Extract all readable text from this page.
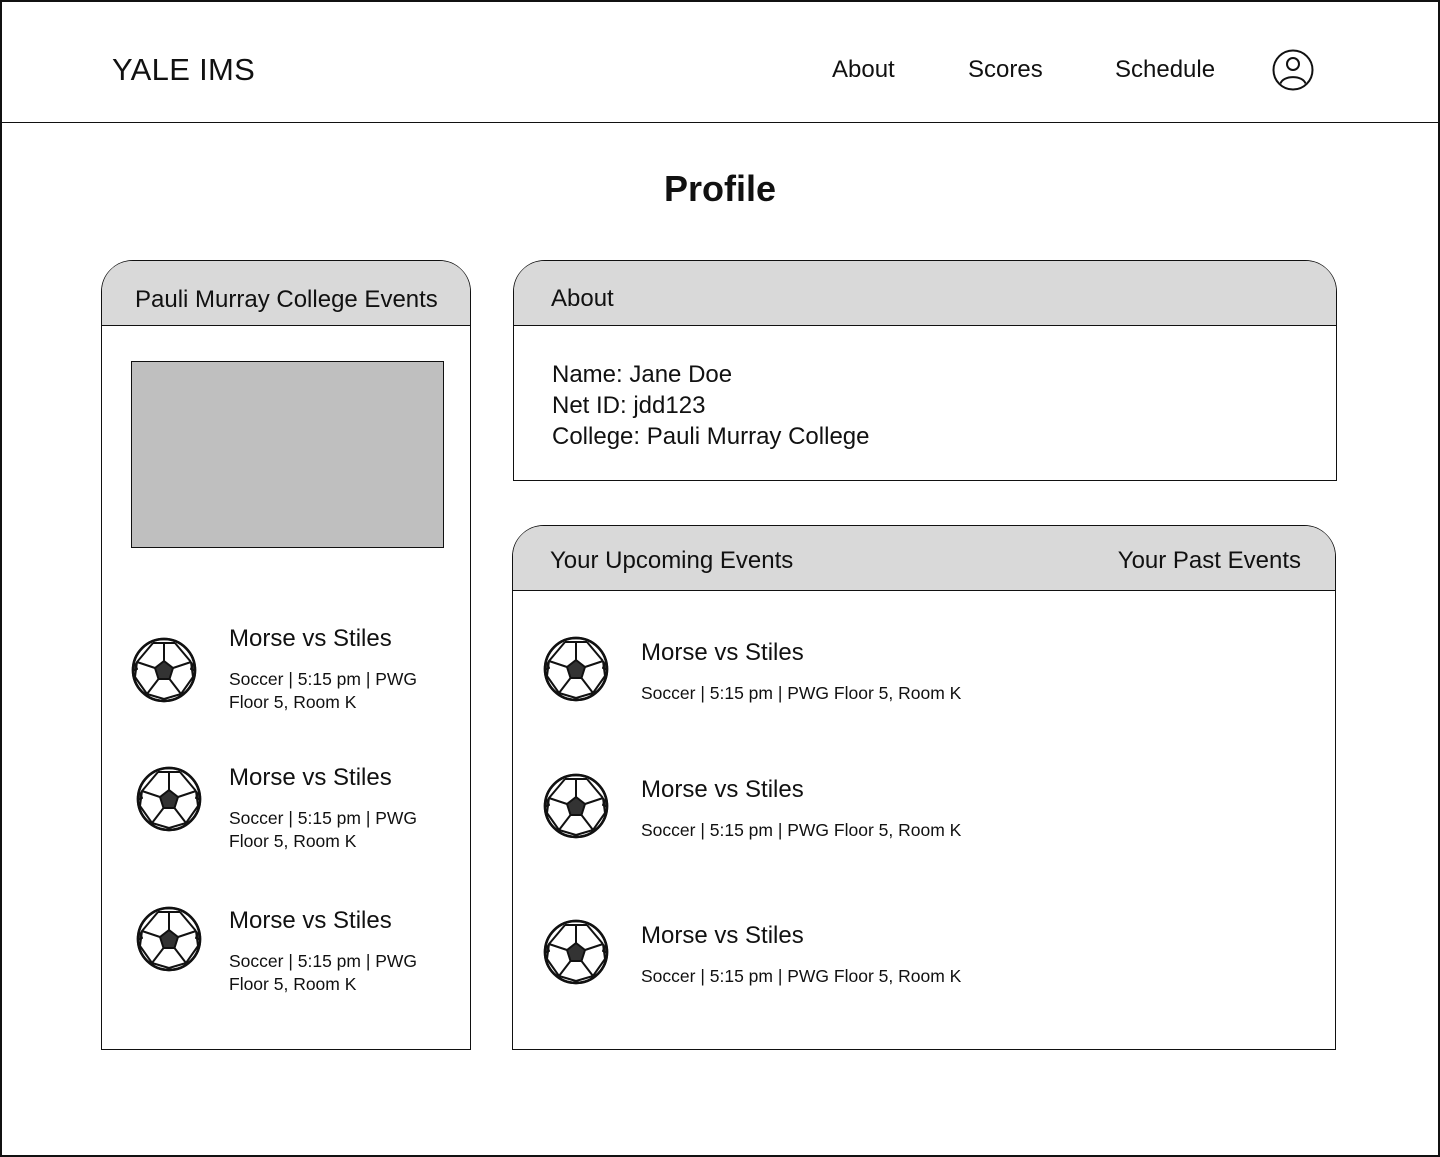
YALE IMS	About	Scores	Schedule
Profile
Pauli Murray College Events
Morse vs Stiles
Soccer | 5:15 pm | PWG Floor 5, Room K
Morse vs Stiles
Soccer | 5:15 pm | PWG Floor 5, Room K
Morse vs Stiles
Soccer | 5:15 pm | PWG Floor 5, Room K
About
Name: Jane Doe
Net ID: jdd123
College: Pauli Murray College
Your Upcoming Events	Your Past Events
Morse vs Stiles
Soccer | 5:15 pm | PWG Floor 5, Room K
Morse vs Stiles
Soccer | 5:15 pm | PWG Floor 5, Room K
Morse vs Stiles
Soccer | 5:15 pm | PWG Floor 5, Room K
